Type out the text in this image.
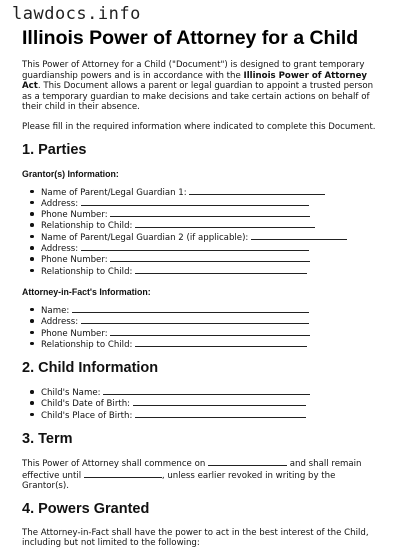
lawdocs.info
Illinois Power of Attorney for a Child

This Power of Attorney for a Child ("Document") is designed to grant temporary guardianship powers and is in accordance with the Illinois Power of Attorney Act. This Document allows a parent or legal guardian to appoint a trusted person as a temporary guardian to make decisions and take certain actions on behalf of their child in their absence.

Please fill in the required information where indicated to complete this Document.

1. Parties
Grantor(s) Information:
Name of Parent/Legal Guardian 1:
Address:
Phone Number:
Relationship to Child:
Name of Parent/Legal Guardian 2 (if applicable):
Address:
Phone Number:
Relationship to Child:
Attorney-in-Fact's Information:
Name:
Address:
Phone Number:
Relationship to Child:
2. Child Information
Child's Name:
Child's Date of Birth:
Child's Place of Birth:
3. Term

This Power of Attorney shall commence on	and shall remain effective until	, unless earlier revoked in writing by the Grantor(s).

4. Powers Granted

The Attorney-in-Fact shall have the power to act in the best interest of the Child, including but not limited to the following:
